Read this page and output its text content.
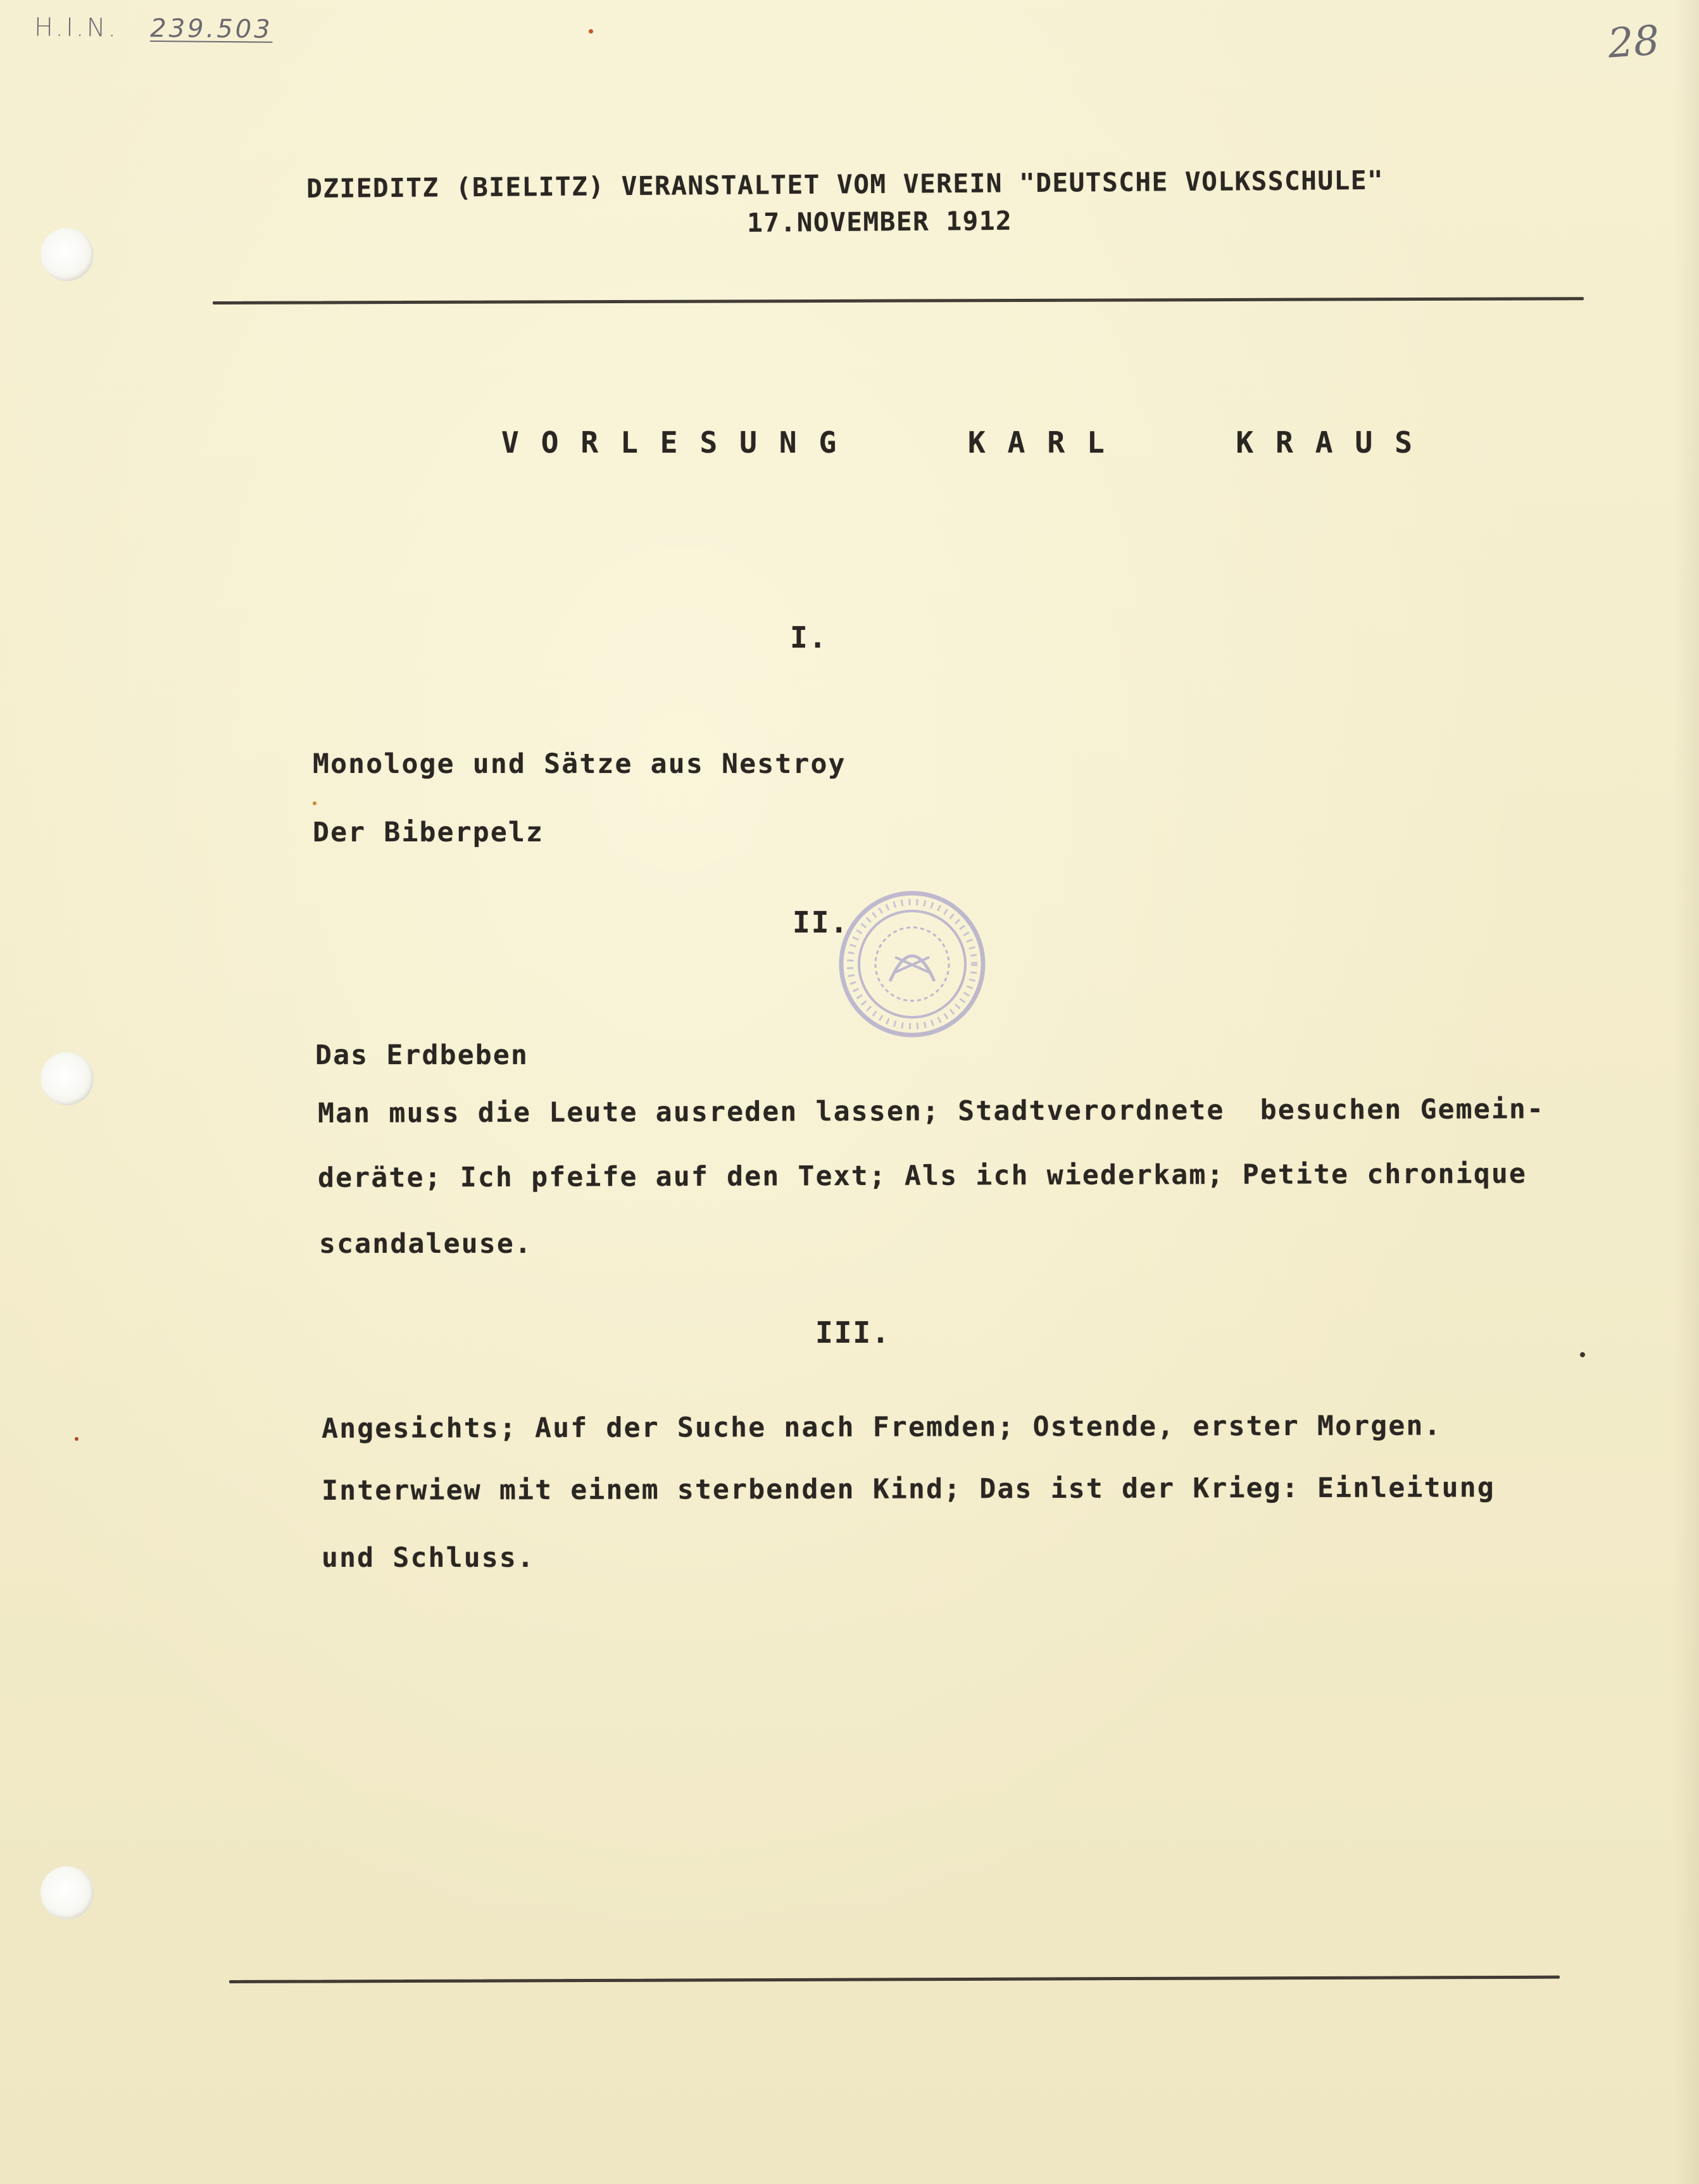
H.I.N. 239.503	28
DZIEDITZ (BIELITZ) VERANSTALTET VOM VEREIN "DEUTSCHE VOLKSSCHULE"
17.NOVEMBER 1912
VORLESUNG KARL KRAUS
I.
Monologe und Sätze aus Nestroy
Der Biberpelz
II.
Das Erdbeben
Man muss die Leute ausreden lassen; Stadtverordnete  besuchen Gemein-
deräte; Ich pfeife auf den Text; Als ich wiederkam; Petite chronique
scandaleuse.
III.
Angesichts; Auf der Suche nach Fremden; Ostende, erster Morgen.
Interwiew mit einem sterbenden Kind; Das ist der Krieg: Einleitung
und Schluss.
